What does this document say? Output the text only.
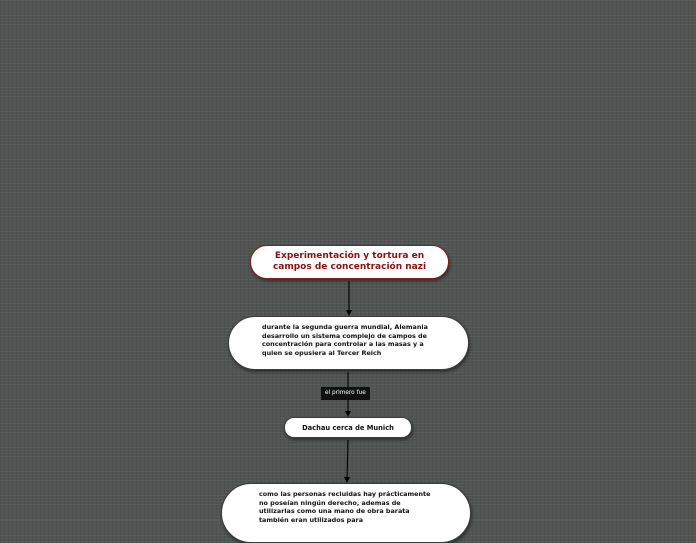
Experimentación y tortura en campos de concentración nazi
durante la segunda guerra mundial, Alemania desarrollo un sistema complejo de campos de concentración para controlar a las masas y a quien se opusiera al Tercer Reich
el primero fue
Dachau cerca de Munich
como las personas recluidas hay prácticamente no poseían ningún derecho, ademas de utilizarlas como una mano de obra barata también eran utilizados para
